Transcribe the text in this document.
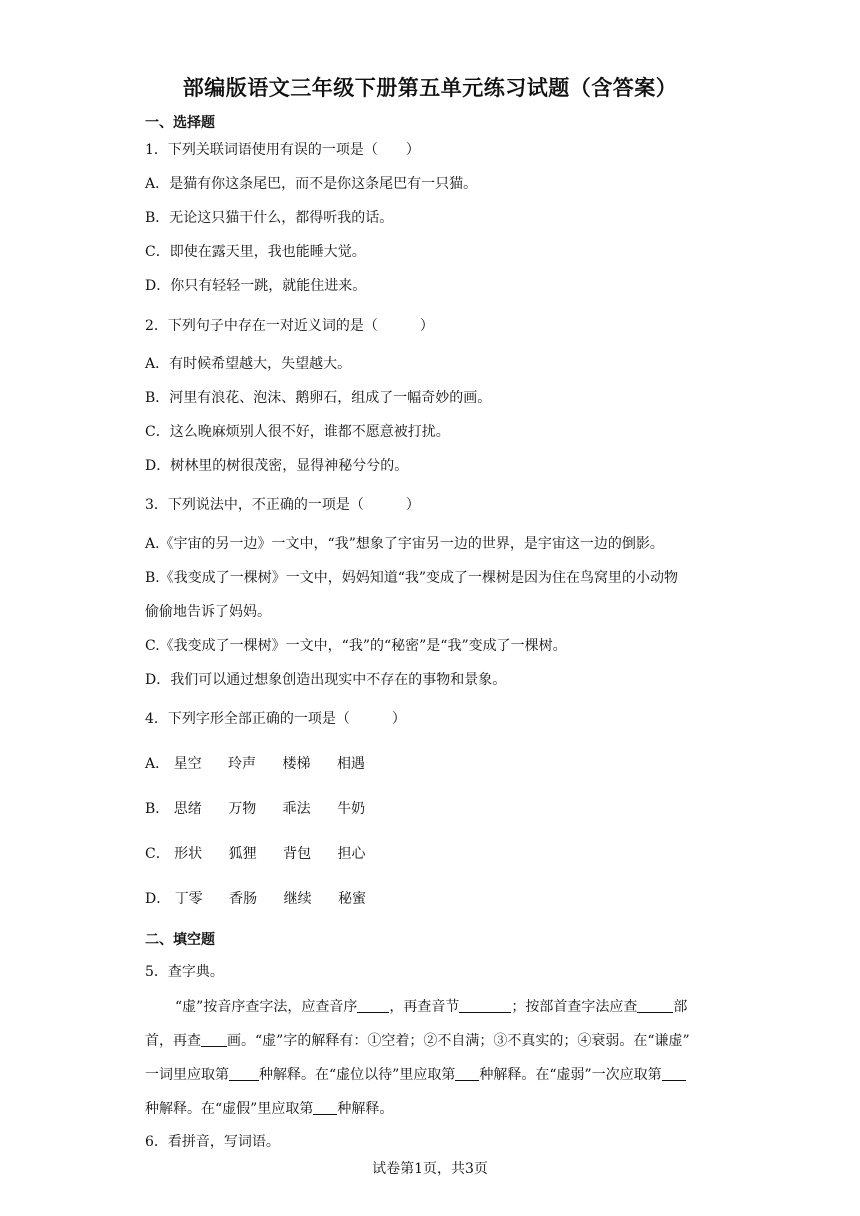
部编版语文三年级下册第五单元练习试题（含答案）
一、选择题
1．下列关联词语使用有误的一项是（　　）
A．是猫有你这条尾巴，而不是你这条尾巴有一只猫。
B．无论这只猫干什么，都得听我的话。
C．即使在露天里，我也能睡大觉。
D．你只有轻轻一跳，就能住进来。
2．下列句子中存在一对近义词的是（　　　）
A．有时候希望越大，失望越大。
B．河里有浪花、泡沫、鹅卵石，组成了一幅奇妙的画。
C．这么晚麻烦别人很不好，谁都不愿意被打扰。
D．树林里的树很茂密，显得神秘兮兮的。
3．下列说法中，不正确的一项是（　　　）
A.《宇宙的另一边》一文中，“我”想象了宇宙另一边的世界，是宇宙这一边的倒影。
B.《我变成了一棵树》一文中，妈妈知道“我”变成了一棵树是因为住在鸟窝里的小动物
偷偷地告诉了妈妈。
C.《我变成了一棵树》一文中，“我”的“秘密”是“我”变成了一棵树。
D．我们可以通过想象创造出现实中不存在的事物和景象。
4．下列字形全部正确的一项是（　　　）
A． 星空 玲声 楼梯 相遇
B． 思绪 万物 乖法 牛奶
C． 形状 狐狸 背包 担心
D． 丁零 香肠 继续 秘蜜
二、填空题
5．查字典。
“虚”按音序查字法，应查音序 ，再查音节	；按部首查字法应查	部
首，再查 画。“虚”字的解释有：①空着；②不自满；③不真实的；④衰弱。在“谦虚”
一词里应取第 种解释。在“虚位以待”里应取第 种解释。在“虚弱”一次应取第
种解释。在“虚假”里应取第 种解释。
6．看拼音，写词语。
试卷第1页，共3页
